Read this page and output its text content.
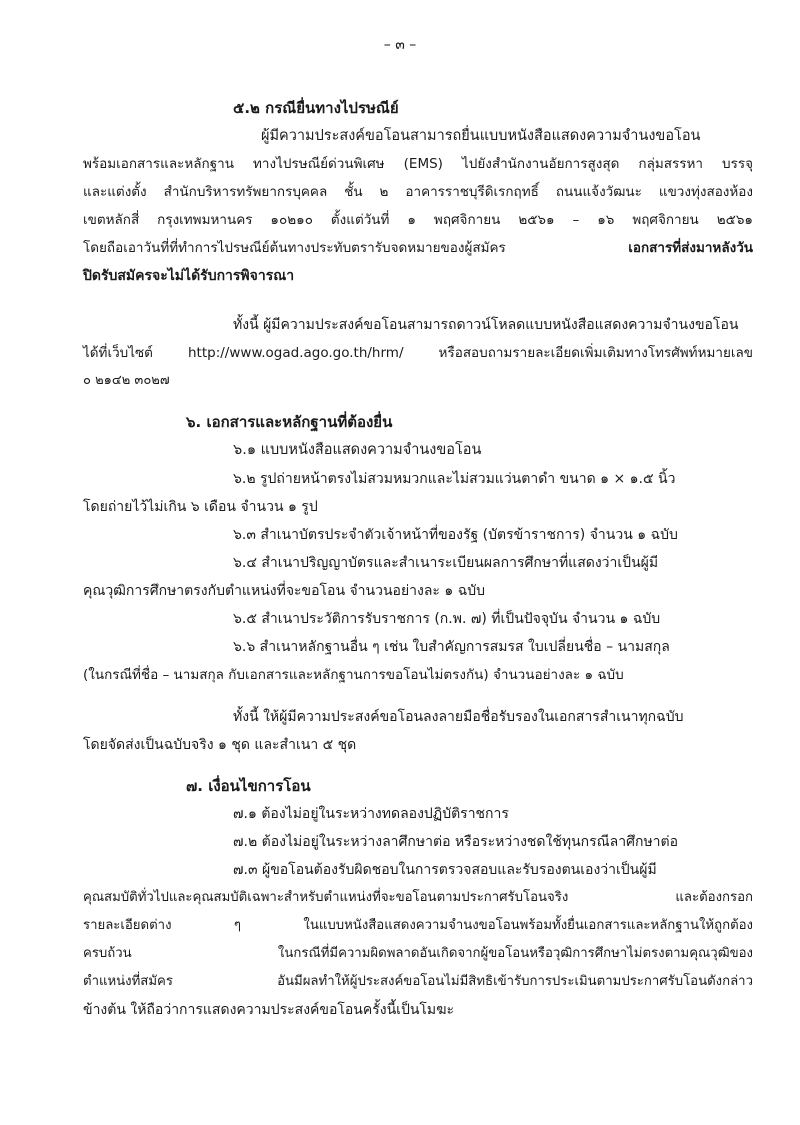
– ๓ –
๕.๒ กรณียื่นทางไปรษณีย์
ผู้มีความประสงค์ขอโอนสามารถยื่นแบบหนังสือแสดงความจำนงขอโอน
พร้อมเอกสารและหลักฐาน ทางไปรษณีย์ด่วนพิเศษ (EMS) ไปยังสำนักงานอัยการสูงสุด กลุ่มสรรหา บรรจุ
และแต่งตั้ง สำนักบริหารทรัพยากรบุคคล ชั้น ๒ อาคารราชบุรีดิเรกฤทธิ์ ถนนแจ้งวัฒนะ แขวงทุ่งสองห้อง
เขตหลักสี่ กรุงเทพมหานคร ๑๐๒๑๐ ตั้งแต่วันที่ ๑ พฤศจิกายน ๒๕๖๑ – ๑๖ พฤศจิกายน ๒๕๖๑
โดยถือเอาวันที่ที่ทำการไปรษณีย์ต้นทางประทับตรารับจดหมายของผู้สมัคร เอกสารที่ส่งมาหลังวัน
ปิดรับสมัครจะไม่ได้รับการพิจารณา
ทั้งนี้ ผู้มีความประสงค์ขอโอนสามารถดาวน์โหลดแบบหนังสือแสดงความจำนงขอโอน
ได้ที่เว็บไซต์ http://www.ogad.ago.go.th/hrm/ หรือสอบถามรายละเอียดเพิ่มเติมทางโทรศัพท์หมายเลข
๐ ๒๑๔๒ ๓๐๒๗
๖. เอกสารและหลักฐานที่ต้องยื่น
๖.๑ แบบหนังสือแสดงความจำนงขอโอน
๖.๒ รูปถ่ายหน้าตรงไม่สวมหมวกและไม่สวมแว่นตาดำ ขนาด ๑ × ๑.๕ นิ้ว
โดยถ่ายไว้ไม่เกิน ๖ เดือน จำนวน ๑ รูป
๖.๓ สำเนาบัตรประจำตัวเจ้าหน้าที่ของรัฐ (บัตรข้าราชการ) จำนวน ๑ ฉบับ
๖.๔ สำเนาปริญญาบัตรและสำเนาระเบียนผลการศึกษาที่แสดงว่าเป็นผู้มี
คุณวุฒิการศึกษาตรงกับตำแหน่งที่จะขอโอน จำนวนอย่างละ ๑ ฉบับ
๖.๕ สำเนาประวัติการรับราชการ (ก.พ. ๗) ที่เป็นปัจจุบัน จำนวน ๑ ฉบับ
๖.๖ สำเนาหลักฐานอื่น ๆ เช่น ใบสำคัญการสมรส ใบเปลี่ยนชื่อ – นามสกุล
(ในกรณีที่ชื่อ – นามสกุล กับเอกสารและหลักฐานการขอโอนไม่ตรงกัน) จำนวนอย่างละ ๑ ฉบับ
ทั้งนี้ ให้ผู้มีความประสงค์ขอโอนลงลายมือชื่อรับรองในเอกสารสำเนาทุกฉบับ
โดยจัดส่งเป็นฉบับจริง ๑ ชุด และสำเนา ๕ ชุด
๗. เงื่อนไขการโอน
๗.๑ ต้องไม่อยู่ในระหว่างทดลองปฏิบัติราชการ
๗.๒ ต้องไม่อยู่ในระหว่างลาศึกษาต่อ หรือระหว่างชดใช้ทุนกรณีลาศึกษาต่อ
๗.๓ ผู้ขอโอนต้องรับผิดชอบในการตรวจสอบและรับรองตนเองว่าเป็นผู้มี
คุณสมบัติทั่วไปและคุณสมบัติเฉพาะสำหรับตำแหน่งที่จะขอโอนตามประกาศรับโอนจริง และต้องกรอก
รายละเอียดต่าง ๆ ในแบบหนังสือแสดงความจำนงขอโอนพร้อมทั้งยื่นเอกสารและหลักฐานให้ถูกต้อง
ครบถ้วน ในกรณีที่มีความผิดพลาดอันเกิดจากผู้ขอโอนหรือวุฒิการศึกษาไม่ตรงตามคุณวุฒิของ
ตำแหน่งที่สมัคร อันมีผลทำให้ผู้ประสงค์ขอโอนไม่มีสิทธิเข้ารับการประเมินตามประกาศรับโอนดังกล่าว
ข้างต้น ให้ถือว่าการแสดงความประสงค์ขอโอนครั้งนี้เป็นโมฆะ
